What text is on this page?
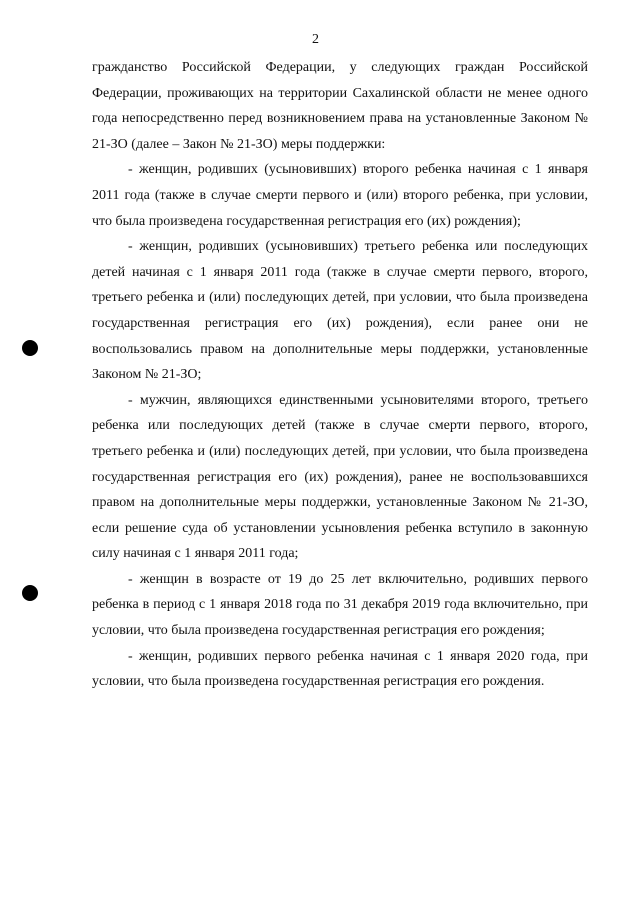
2

гражданство Российской Федерации, у следующих граждан Российской Федерации, проживающих на территории Сахалинской области не менее одного года непосредственно перед возникновением права на установленные Законом № 21-ЗО (далее – Закон № 21-ЗО) меры поддержки:

- женщин, родивших (усыновивших) второго ребенка начиная с 1 января 2011 года (также в случае смерти первого и (или) второго ребенка, при условии, что была произведена государственная регистрация его (их) рождения);

- женщин, родивших (усыновивших) третьего ребенка или последующих детей начиная с 1 января 2011 года (также в случае смерти первого, второго, третьего ребенка и (или) последующих детей, при условии, что была произведена государственная регистрация его (их) рождения), если ранее они не воспользовались правом на дополнительные меры поддержки, установленные Законом № 21-ЗО;

- мужчин, являющихся единственными усыновителями второго, третьего ребенка или последующих детей (также в случае смерти первого, второго, третьего ребенка и (или) последующих детей, при условии, что была произведена государственная регистрация его (их) рождения), ранее не воспользовавшихся правом на дополнительные меры поддержки, установленные Законом № 21-ЗО, если решение суда об установлении усыновления ребенка вступило в законную силу начиная с 1 января 2011 года;

- женщин в возрасте от 19 до 25 лет включительно, родивших первого ребенка в период с 1 января 2018 года по 31 декабря 2019 года включительно, при условии, что была произведена государственная регистрация его рождения;

- женщин, родивших первого ребенка начиная с 1 января 2020 года, при условии, что была произведена государственная регистрация его рождения.
